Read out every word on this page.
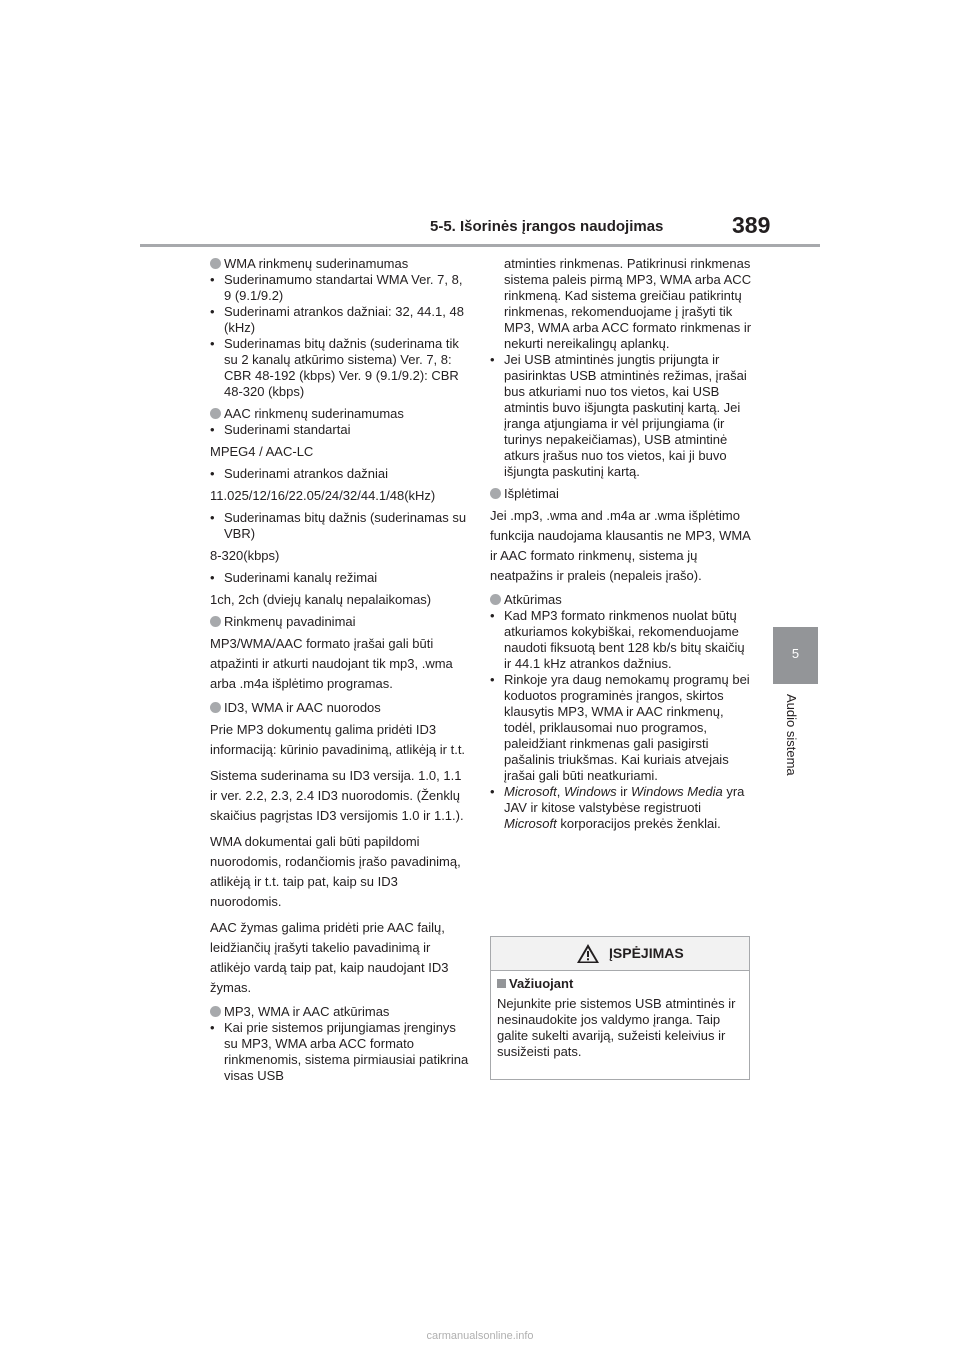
5-5. Išorinės įrangos naudojimas	389
5
Audio sistema
WMA rinkmenų suderinamumas
• Suderinamumo standartai WMA Ver. 7, 8, 9 (9.1/9.2)
• Suderinami atrankos dažniai: 32, 44.1, 48 (kHz)
• Suderinamas bitų dažnis (suderinama tik su 2 kanalų atkūrimo sistema) Ver. 7, 8: CBR 48-192 (kbps) Ver. 9 (9.1/9.2): CBR 48-320 (kbps)
AAC rinkmenų suderinamumas
• Suderinami standartai
MPEG4 / AAC-LC
• Suderinami atrankos dažniai
11.025/12/16/22.05/24/32/44.1/48(kHz)
• Suderinamas bitų dažnis (suderinamas su VBR)
8-320(kbps)
• Suderinami kanalų režimai
1ch, 2ch (dviejų kanalų nepalaikomas)
Rinkmenų pavadinimai
MP3/WMA/AAC formato įrašai gali būti atpažinti ir atkurti naudojant tik mp3, .wma arba .m4a išplėtimo programas.
ID3, WMA ir AAC nuorodos
Prie MP3 dokumentų galima pridėti ID3 informaciją: kūrinio pavadinimą, atlikėją ir t.t.
Sistema suderinama su ID3 versija. 1.0, 1.1 ir ver. 2.2, 2.3, 2.4 ID3 nuorodomis. (Ženklų skaičius pagrįstas ID3 versijomis 1.0 ir 1.1.).
WMA dokumentai gali būti papildomi nuorodomis, rodančiomis įrašo pavadinimą, atlikėją ir t.t. taip pat, kaip su ID3 nuorodomis.
AAC žymas galima pridėti prie AAC failų, leidžiančių įrašyti takelio pavadinimą ir atlikėjo vardą taip pat, kaip naudojant ID3 žymas.
MP3, WMA ir AAC atkūrimas
• Kai prie sistemos prijungiamas įrenginys su MP3, WMA arba ACC formato rinkmenomis, sistema pirmiausiai patikrina visas USB
atminties rinkmenas. Patikrinusi rinkmenas sistema paleis pirmą MP3, WMA arba ACC rinkmeną. Kad sistema greičiau patikrintų rinkmenas, rekomenduojame į įrašyti tik MP3, WMA arba ACC formato rinkmenas ir nekurti nereikalingų aplankų.
• Jei USB atmintinės jungtis prijungta ir pasirinktas USB atmintinės režimas, įrašai bus atkuriami nuo tos vietos, kai USB atmintis buvo išjungta paskutinį kartą. Jei įranga atjungiama ir vėl prijungiama (ir turinys nepakeičiamas), USB atmintinė atkurs įrašus nuo tos vietos, kai ji buvo išjungta paskutinį kartą.
Išplėtimai
Jei .mp3, .wma and .m4a ar .wma išplėtimo funkcija naudojama klausantis ne MP3, WMA ir AAC formato rinkmenų, sistema jų neatpažins ir praleis (nepaleis įrašo).
Atkūrimas
• Kad MP3 formato rinkmenos nuolat būtų atkuriamos kokybiškai, rekomenduojame naudoti fiksuotą bent 128 kb/s bitų skaičių ir 44.1 kHz atrankos dažnius.
• Rinkoje yra daug nemokamų programų bei koduotos programinės įrangos, skirtos klausytis MP3, WMA ir AAC rinkmenų, todėl, priklausomai nuo programos, paleidžiant rinkmenas gali pasigirsti pašalinis triukšmas. Kai kuriais atvejais įrašai gali būti neatkuriami.
• Microsoft, Windows ir Windows Media yra JAV ir kitose valstybėse registruoti Microsoft korporacijos prekės ženklai.
ĮSPĖJIMAS
Važiuojant
Nejunkite prie sistemos USB atmintinės ir nesinaudokite jos valdymo įranga. Taip galite sukelti avariją, sužeisti keleivius ir susižeisti pats.
carmanualsonline.info
